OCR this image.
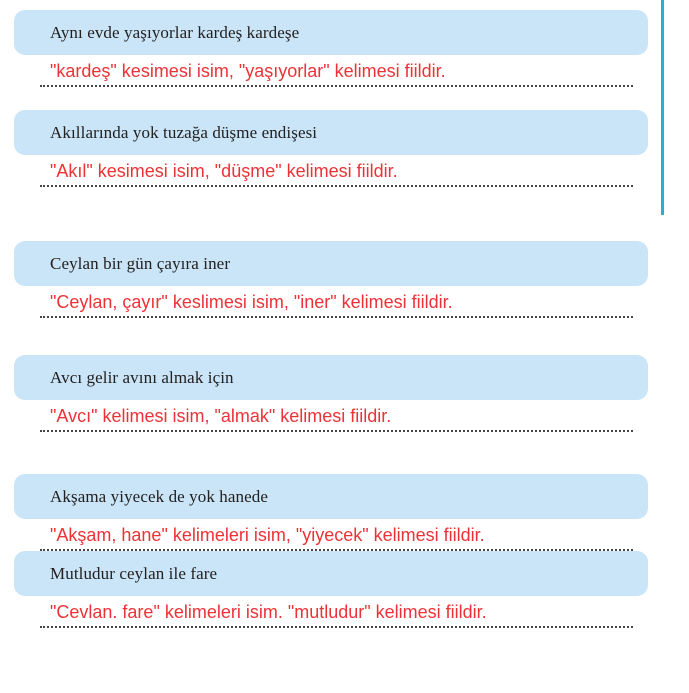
Aynı evde yaşıyorlar kardeş kardeşe
"kardeş" kesimesi isim, "yaşıyorlar" kelimesi fiildir.
Akıllarında yok tuzağa düşme endişesi
"Akıl" kesimesi isim, "düşme" kelimesi fiildir.
Ceylan bir gün çayıra iner
"Ceylan, çayır" keslimesi isim, "iner" kelimesi fiildir.
Avcı gelir avını almak için
"Avcı" kelimesi isim, "almak" kelimesi fiildir.
Akşama yiyecek de yok hanede
"Akşam, hane" kelimeleri isim, "yiyecek" kelimesi fiildir.
Mutludur ceylan ile fare
"Cevlan. fare" kelimeleri isim. "mutludur" kelimesi fiildir.
